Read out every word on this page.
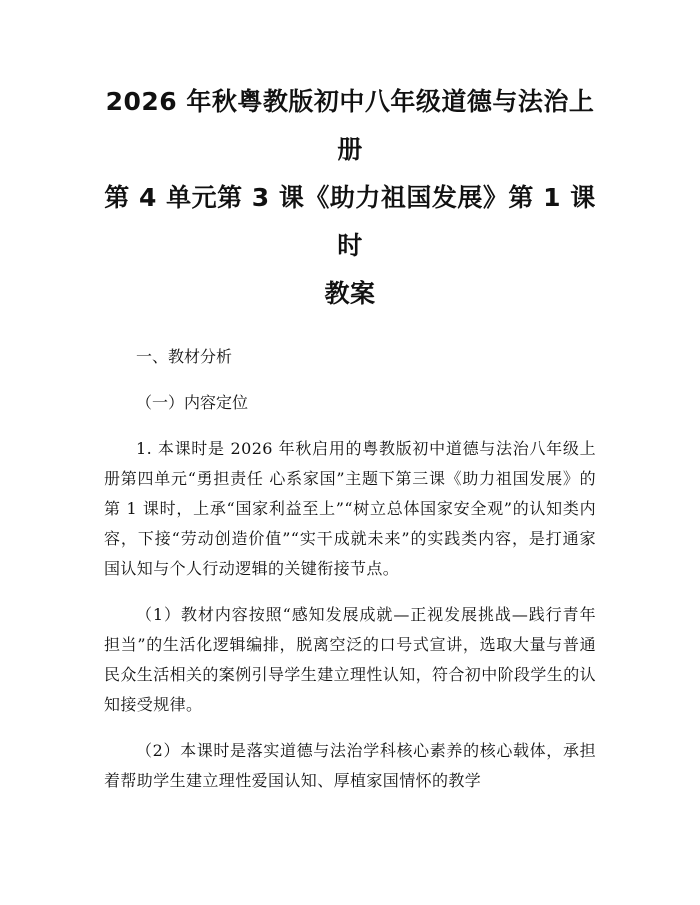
2026 年秋粤教版初中八年级道德与法治上册
第 4 单元第 3 课《助力祖国发展》第 1 课时
教案
一、教材分析
（一）内容定位

1. 本课时是 2026 年秋启用的粤教版初中道德与法治八年级上册第四单元“勇担责任 心系家国”主题下第三课《助力祖国发展》的第 1 课时，上承“国家利益至上”“树立总体国家安全观”的认知类内容，下接“劳动创造价值”“实干成就未来”的实践类内容，是打通家国认知与个人行动逻辑的关键衔接节点。

（1）教材内容按照“感知发展成就—正视发展挑战—践行青年担当”的生活化逻辑编排，脱离空泛的口号式宣讲，选取大量与普通民众生活相关的案例引导学生建立理性认知，符合初中阶段学生的认知接受规律。

（2）本课时是落实道德与法治学科核心素养的核心载体，承担着帮助学生建立理性爱国认知、厚植家国情怀的教学
